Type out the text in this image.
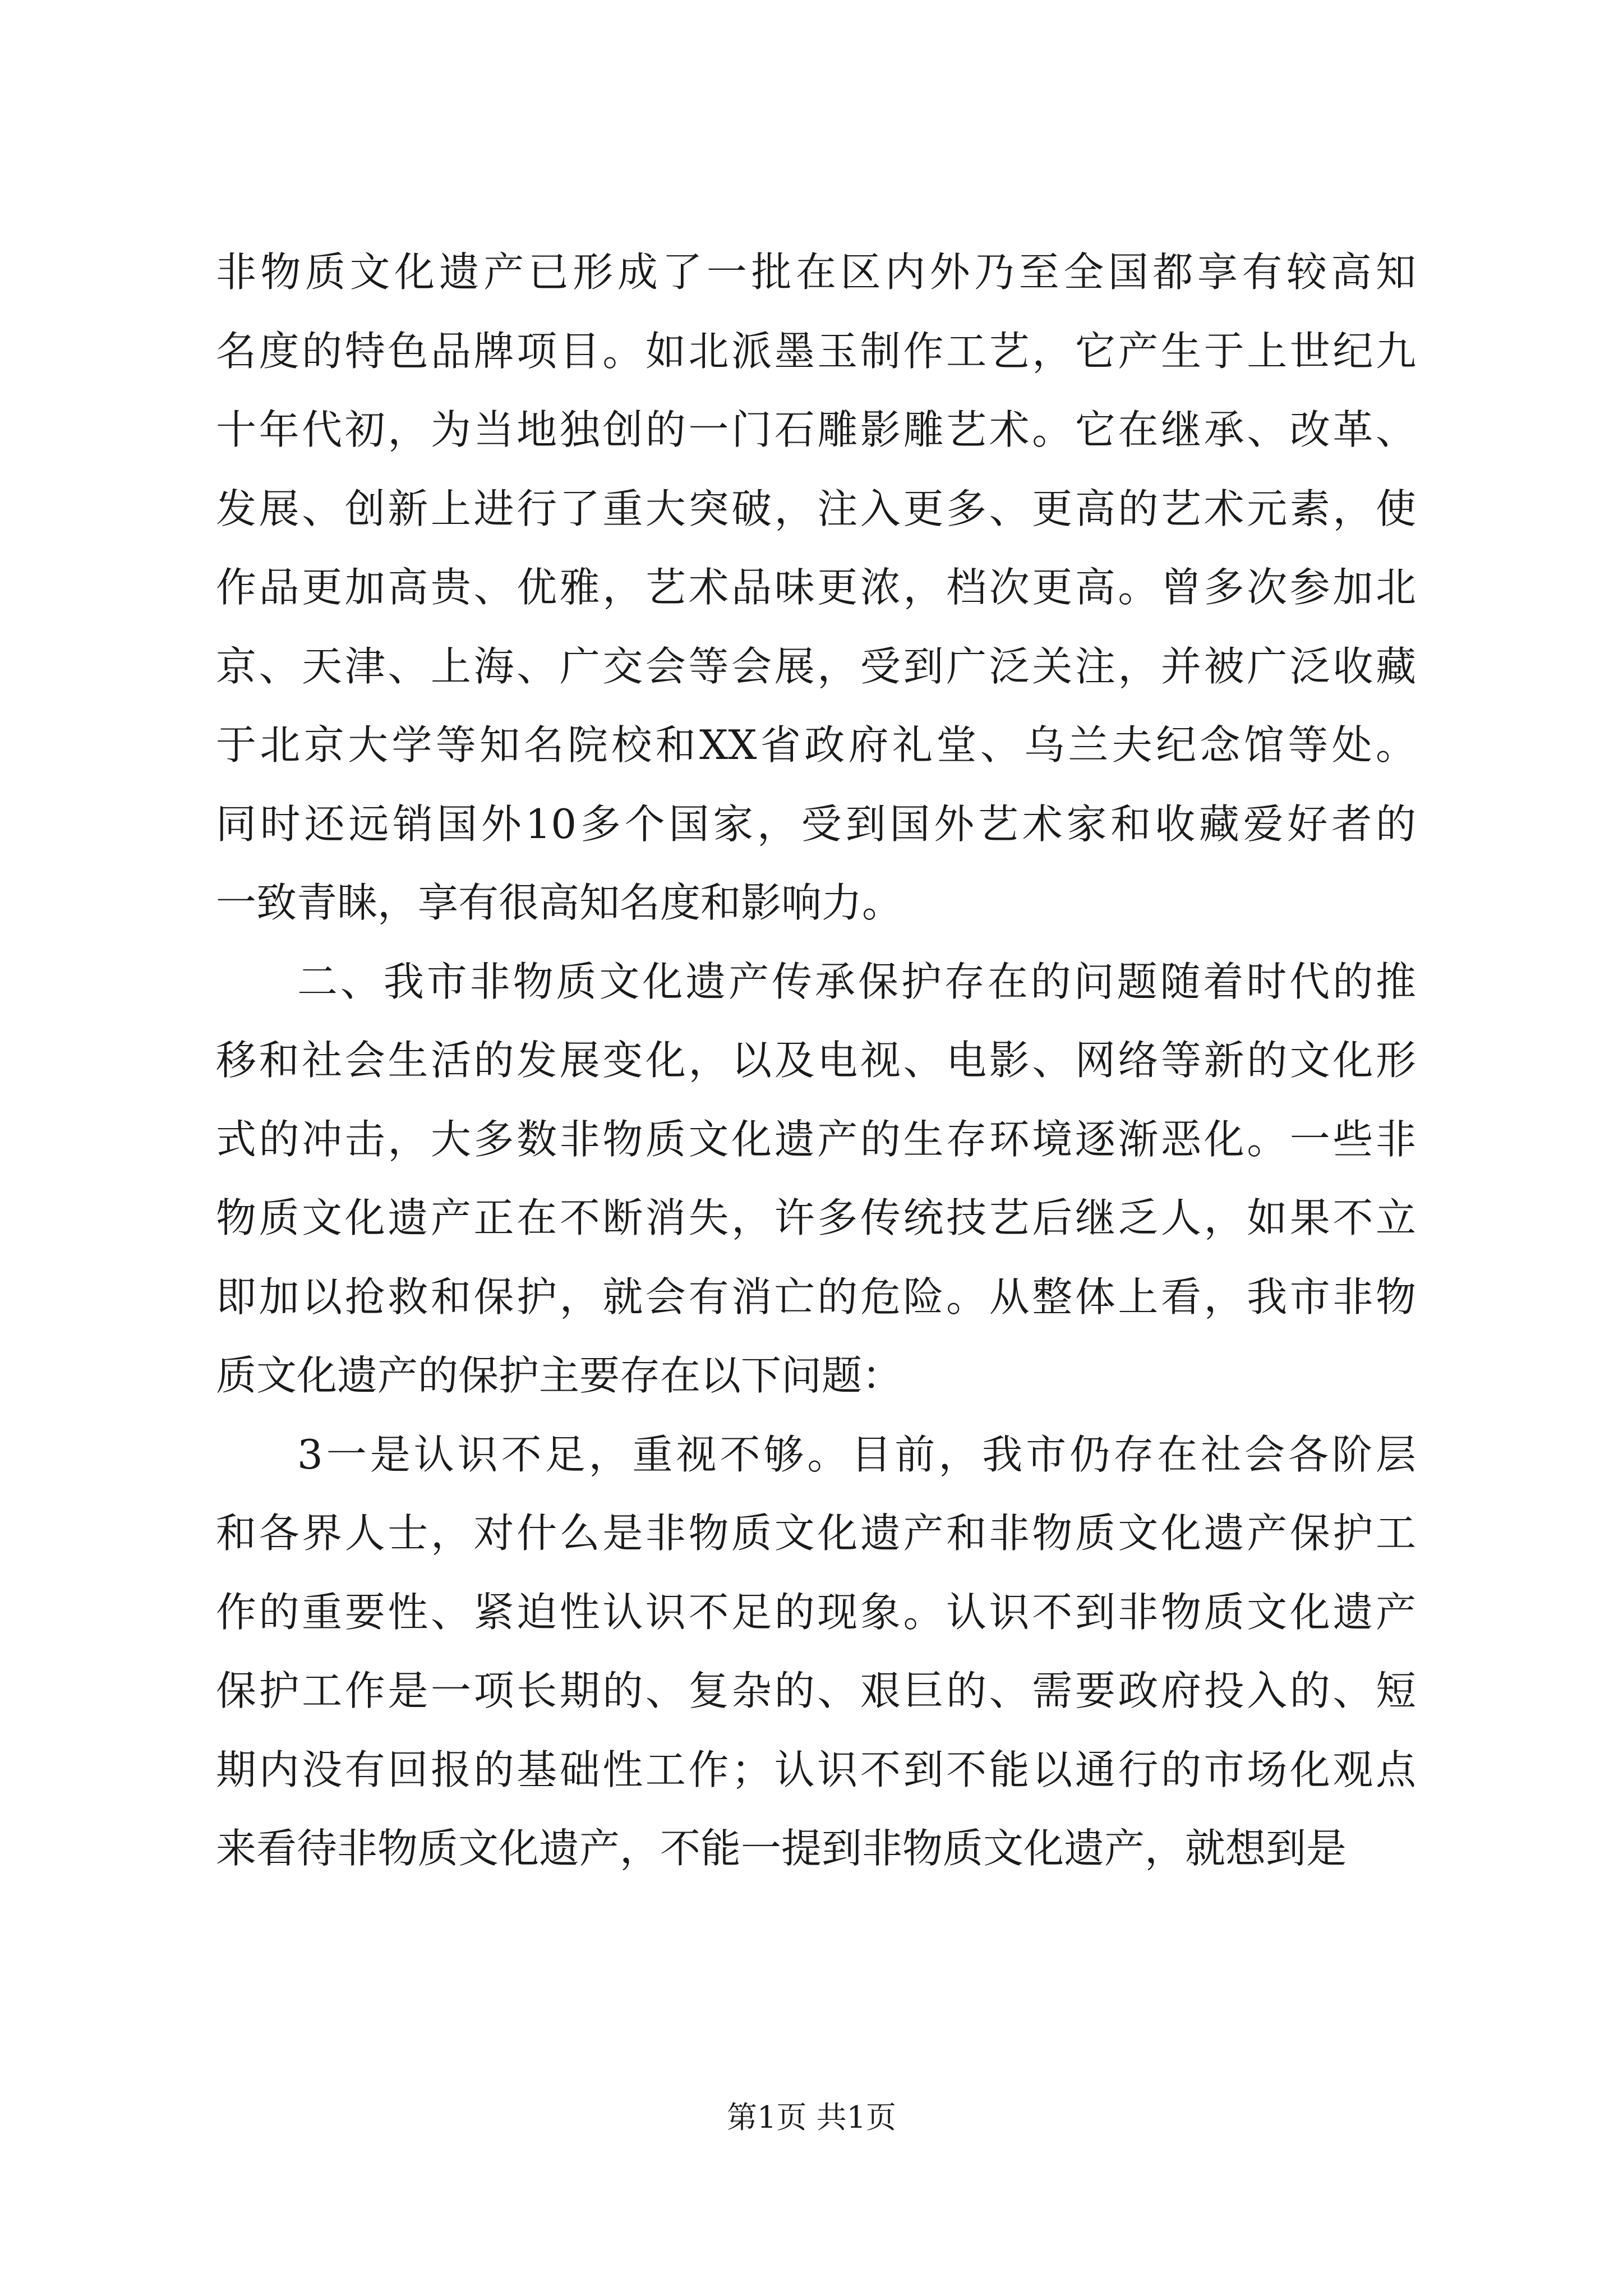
非物质文化遗产已形成了一批在区内外乃至全国都享有较高知
名度的特色品牌项目。如北派墨玉制作工艺，它产生于上世纪九
十年代初，为当地独创的一门石雕影雕艺术。它在继承、改革、
发展、创新上进行了重大突破，注入更多、更高的艺术元素，使
作品更加高贵、优雅，艺术品味更浓，档次更高。曾多次参加北
京、天津、上海、广交会等会展，受到广泛关注，并被广泛收藏
于北京大学等知名院校和XX省政府礼堂、乌兰夫纪念馆等处。
同时还远销国外10多个国家，受到国外艺术家和收藏爱好者的
一致青睐，享有很高知名度和影响力。
二、我市非物质文化遗产传承保护存在的问题随着时代的推
移和社会生活的发展变化，以及电视、电影、网络等新的文化形
式的冲击，大多数非物质文化遗产的生存环境逐渐恶化。一些非
物质文化遗产正在不断消失，许多传统技艺后继乏人，如果不立
即加以抢救和保护，就会有消亡的危险。从整体上看，我市非物
质文化遗产的保护主要存在以下问题：
3一是认识不足，重视不够。目前，我市仍存在社会各阶层
和各界人士，对什么是非物质文化遗产和非物质文化遗产保护工
作的重要性、紧迫性认识不足的现象。认识不到非物质文化遗产
保护工作是一项长期的、复杂的、艰巨的、需要政府投入的、短
期内没有回报的基础性工作；认识不到不能以通行的市场化观点
来看待非物质文化遗产，不能一提到非物质文化遗产，就想到是
第1页 共1页
